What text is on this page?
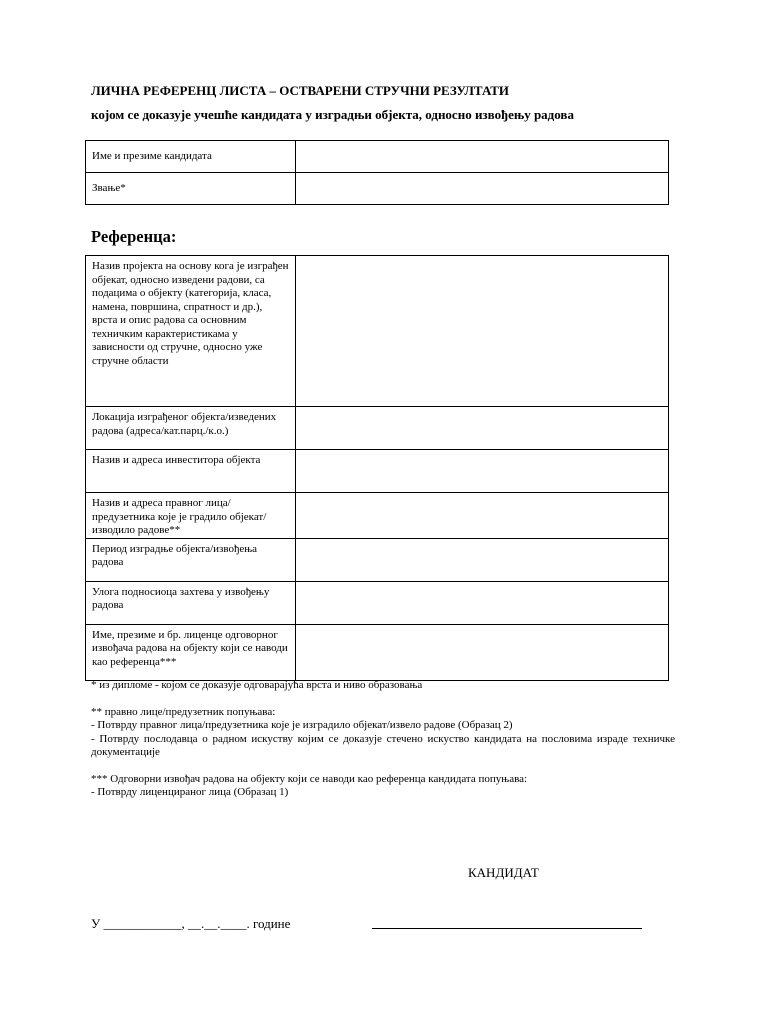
ЛИЧНА РЕФЕРЕНЦ ЛИСТА – ОСТВАРЕНИ СТРУЧНИ РЕЗУЛТАТИ
којом се доказује учешће кандидата у изградњи објекта, односно извођењу радова
Име и презиме кандидата	
Звање*	
Референца:
Назив пројекта на основу кога је изграђен објекат, односно изведени радови, са подацима о објекту (категорија, класа, намена, површина, спратност и др.), врста и опис радова са основним техничким карактеристикама у зависности од стручне, односно уже стручне области	
Локација изграђеног објекта/изведених радова (адреса/кат.парц./к.о.)	
Назив и адреса инвеститора објекта	
Назив и адреса правног лица/предузетника које је градило објекат/изводило радове**	
Период изградње објекта/извођења радова	
Улога подносиоца захтева у извођењу радова	
Име, презиме и бр. лиценце одговорног извођача радова на објекту који се наводи као референца***	

* из дипломе - којом се доказује одговарајућа врста и ниво образовања

** правно лице/предузетник попуњава:

- Потврду правног лица/предузетника које је изградило објекат/извело радове (Образац 2)

- Потврду послодавца о радном искуству којим се доказује стечено искуство кандидата на пословима израде техничке документације

*** Одговорни извођач радова на објекту који се наводи као референца кандидата попуњава:

- Потврду лиценцираног лица (Образац 1)

КАНДИДАТ
У ____________, __.__.____. године
